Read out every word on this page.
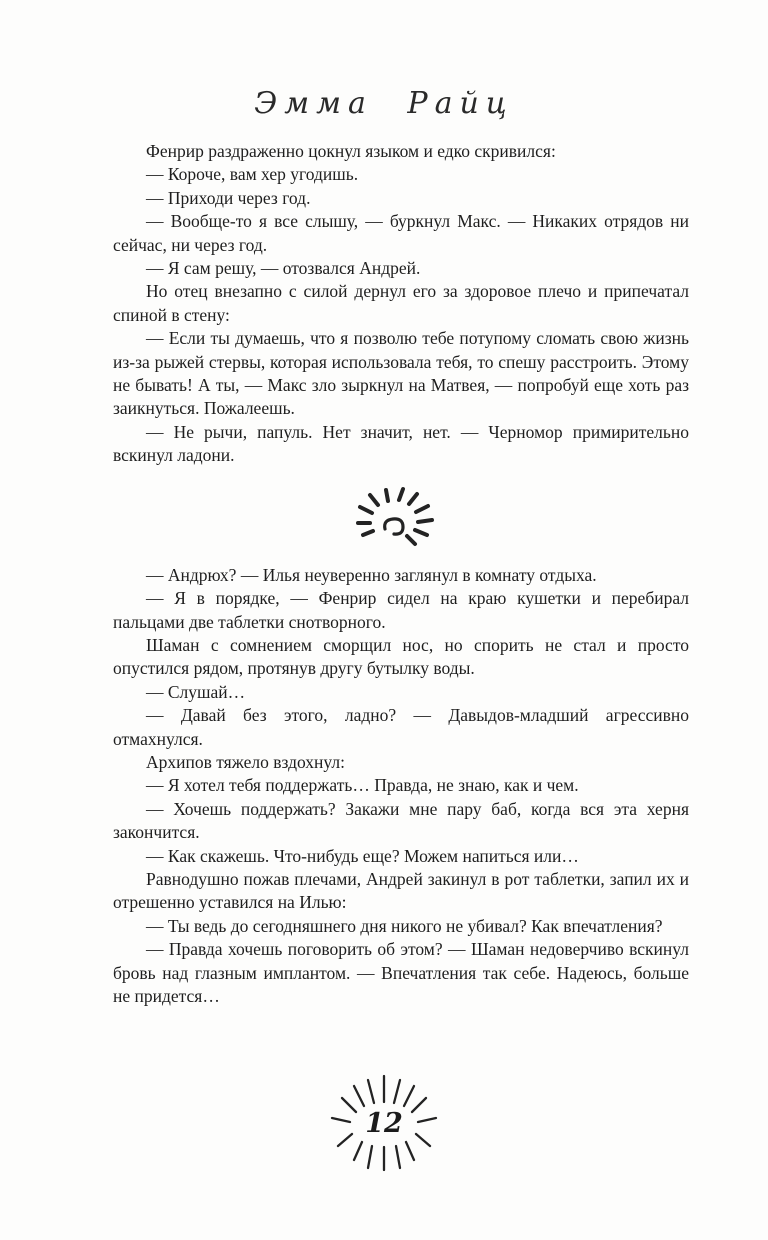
Эмма Райц

Фенрир раздраженно цокнул языком и едко скривился:

— Короче, вам хер угодишь.

— Приходи через год.

— Вообще-то я все слышу, — буркнул Макс. — Никаких отрядов ни сейчас, ни через год.

— Я сам решу, — отозвался Андрей.

Но отец внезапно с силой дернул его за здоровое плечо и припечатал спиной в стену:

— Если ты думаешь, что я позволю тебе потупому сломать свою жизнь из-за рыжей стервы, которая использовала тебя, то спешу расстроить. Этому не бывать! А ты, — Макс зло зыркнул на Матвея, — попробуй еще хоть раз заикнуться. Пожалеешь.

— Не рычи, папуль. Нет значит, нет. — Черномор примирительно вскинул ладони.

— Андрюх? — Илья неуверенно заглянул в комнату отдыха.

— Я в порядке, — Фенрир сидел на краю кушетки и перебирал пальцами две таблетки снотворного.

Шаман с сомнением сморщил нос, но спорить не стал и просто опустился рядом, протянув другу бутылку воды.

— Слушай…

— Давай без этого, ладно? — Давыдов-младший агрессивно отмахнулся.

Архипов тяжело вздохнул:

— Я хотел тебя поддержать… Правда, не знаю, как и чем.

— Хочешь поддержать? Закажи мне пару баб, когда вся эта херня закончится.

— Как скажешь. Что-нибудь еще? Можем напиться или…

Равнодушно пожав плечами, Андрей закинул в рот таблетки, запил их и отрешенно уставился на Илью:

— Ты ведь до сегодняшнего дня никого не убивал? Как впечатления?

— Правда хочешь поговорить об этом? — Шаман недоверчиво вскинул бровь над глазным имплантом. — Впечатления так себе. Надеюсь, больше не придется…

12
